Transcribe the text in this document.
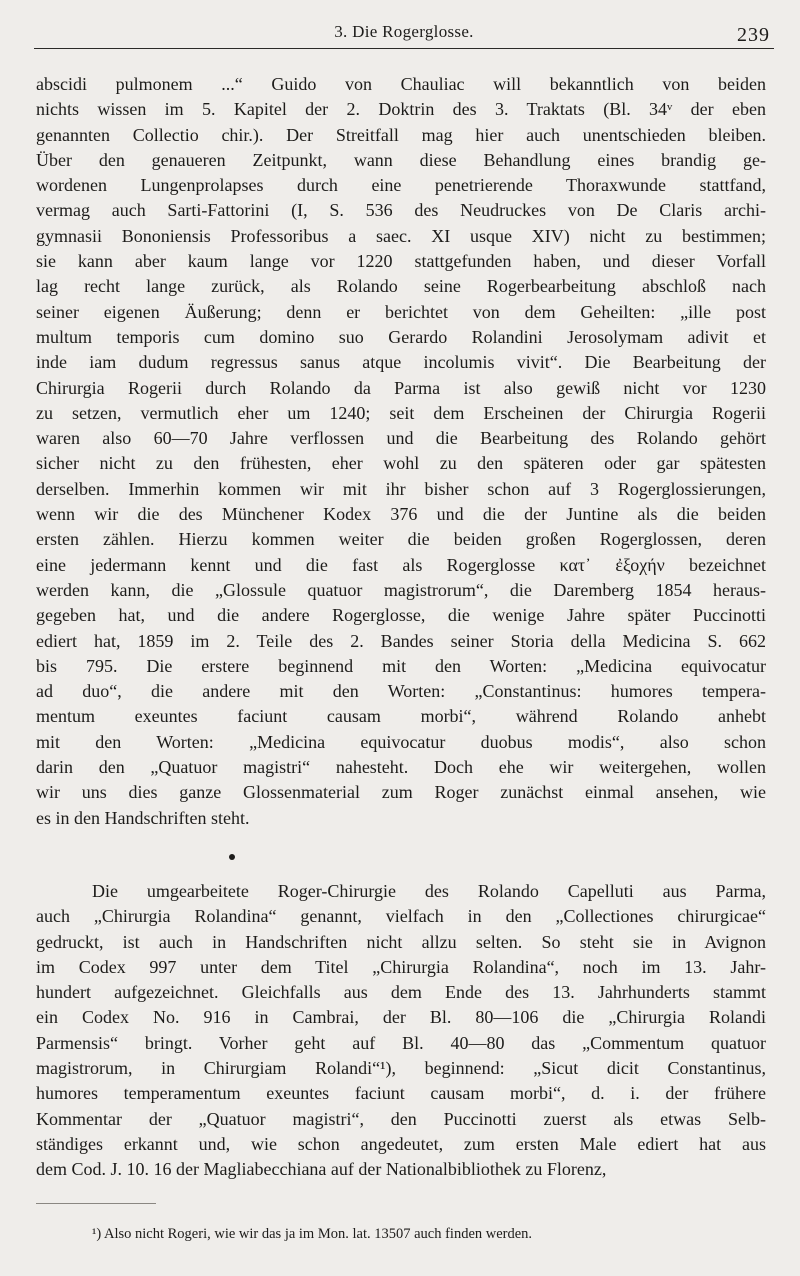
3. Die Rogerglosse.	239
abscidi pulmonem ...“ Guido von Chauliac will bekanntlich von beiden
nichts wissen im 5. Kapitel der 2. Doktrin des 3. Traktats (Bl. 34ᵛ der eben
genannten Collectio chir.). Der Streitfall mag hier auch unentschieden bleiben.
Über den genaueren Zeitpunkt, wann diese Behandlung eines brandig ge-
wordenen Lungenprolapses durch eine penetrierende Thoraxwunde stattfand,
vermag auch Sarti-Fattorini (I, S. 536 des Neudruckes von De Claris archi-
gymnasii Bononiensis Professoribus a saec. XI usque XIV) nicht zu bestimmen;
sie kann aber kaum lange vor 1220 stattgefunden haben, und dieser Vorfall
lag recht lange zurück, als Rolando seine Rogerbearbeitung abschloß nach
seiner eigenen Äußerung; denn er berichtet von dem Geheilten: „ille post
multum temporis cum domino suo Gerardo Rolandini Jerosolymam adivit et
inde iam dudum regressus sanus atque incolumis vivit“. Die Bearbeitung der
Chirurgia Rogerii durch Rolando da Parma ist also gewiß nicht vor 1230
zu setzen, vermutlich eher um 1240; seit dem Erscheinen der Chirurgia Rogerii
waren also 60—70 Jahre verflossen und die Bearbeitung des Rolando gehört
sicher nicht zu den frühesten, eher wohl zu den späteren oder gar spätesten
derselben. Immerhin kommen wir mit ihr bisher schon auf 3 Rogerglossierungen,
wenn wir die des Münchener Kodex 376 und die der Juntine als die beiden
ersten zählen. Hierzu kommen weiter die beiden großen Rogerglossen, deren
eine jedermann kennt und die fast als Rogerglosse κατ᾽ ἐξοχήν bezeichnet
werden kann, die „Glossule quatuor magistrorum“, die Daremberg 1854 heraus-
gegeben hat, und die andere Rogerglosse, die wenige Jahre später Puccinotti
ediert hat, 1859 im 2. Teile des 2. Bandes seiner Storia della Medicina S. 662
bis 795. Die erstere beginnend mit den Worten: „Medicina equivocatur
ad duo“, die andere mit den Worten: „Constantinus: humores tempera-
mentum exeuntes faciunt causam morbi“, während Rolando anhebt
mit den Worten: „Medicina equivocatur duobus modis“, also schon
darin den „Quatuor magistri“ nahesteht. Doch ehe wir weitergehen, wollen
wir uns dies ganze Glossenmaterial zum Roger zunächst einmal ansehen, wie
es in den Handschriften steht.
Die umgearbeitete Roger-Chirurgie des Rolando Capelluti aus Parma,
auch „Chirurgia Rolandina“ genannt, vielfach in den „Collectiones chirurgicae“
gedruckt, ist auch in Handschriften nicht allzu selten. So steht sie in Avignon
im Codex 997 unter dem Titel „Chirurgia Rolandina“, noch im 13. Jahr-
hundert aufgezeichnet. Gleichfalls aus dem Ende des 13. Jahrhunderts stammt
ein Codex No. 916 in Cambrai, der Bl. 80—106 die „Chirurgia Rolandi
Parmensis“ bringt. Vorher geht auf Bl. 40—80 das „Commentum quatuor
magistrorum, in Chirurgiam Rolandi“¹), beginnend: „Sicut dicit Constantinus,
humores temperamentum exeuntes faciunt causam morbi“, d. i. der frühere
Kommentar der „Quatuor magistri“, den Puccinotti zuerst als etwas Selb-
ständiges erkannt und, wie schon angedeutet, zum ersten Male ediert hat aus
dem Cod. J. 10. 16 der Magliabecchiana auf der Nationalbibliothek zu Florenz,
¹) Also nicht Rogeri, wie wir das ja im Mon. lat. 13507 auch finden werden.
